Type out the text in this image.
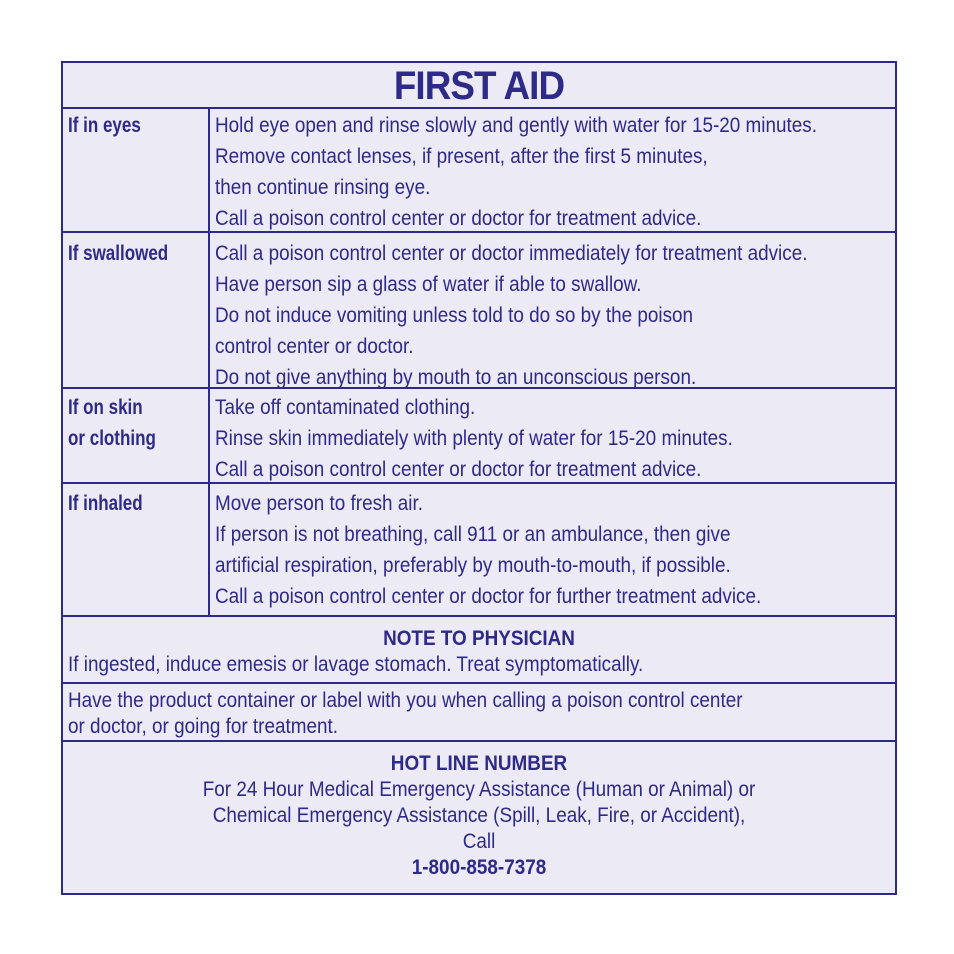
FIRST AID
If in eyes	Hold eye open and rinse slowly and gently with water for 15-20 minutes.
Remove contact lenses, if present, after the first 5 minutes,
then continue rinsing eye.
Call a poison control center or doctor for treatment advice.
If swallowed Call a poison control center or doctor immediately for treatment advice.
Have person sip a glass of water if able to swallow.
Do not induce vomiting unless told to do so by the poison
control center or doctor.
Do not give anything by mouth to an unconscious person.
If on skin
or clothing
Take off contaminated clothing.
Rinse skin immediately with plenty of water for 15-20 minutes.
Call a poison control center or doctor for treatment advice.
If inhaled	Move person to fresh air.
If person is not breathing, call 911 or an ambulance, then give
artificial respiration, preferably by mouth-to-mouth, if possible.
Call a poison control center or doctor for further treatment advice.
NOTE TO PHYSICIAN
If ingested, induce emesis or lavage stomach. Treat symptomatically.
Have the product container or label with you when calling a poison control center
or doctor, or going for treatment.
HOT LINE NUMBER
For 24 Hour Medical Emergency Assistance (Human or Animal) or
Chemical Emergency Assistance (Spill, Leak, Fire, or Accident),
Call
1-800-858-7378
